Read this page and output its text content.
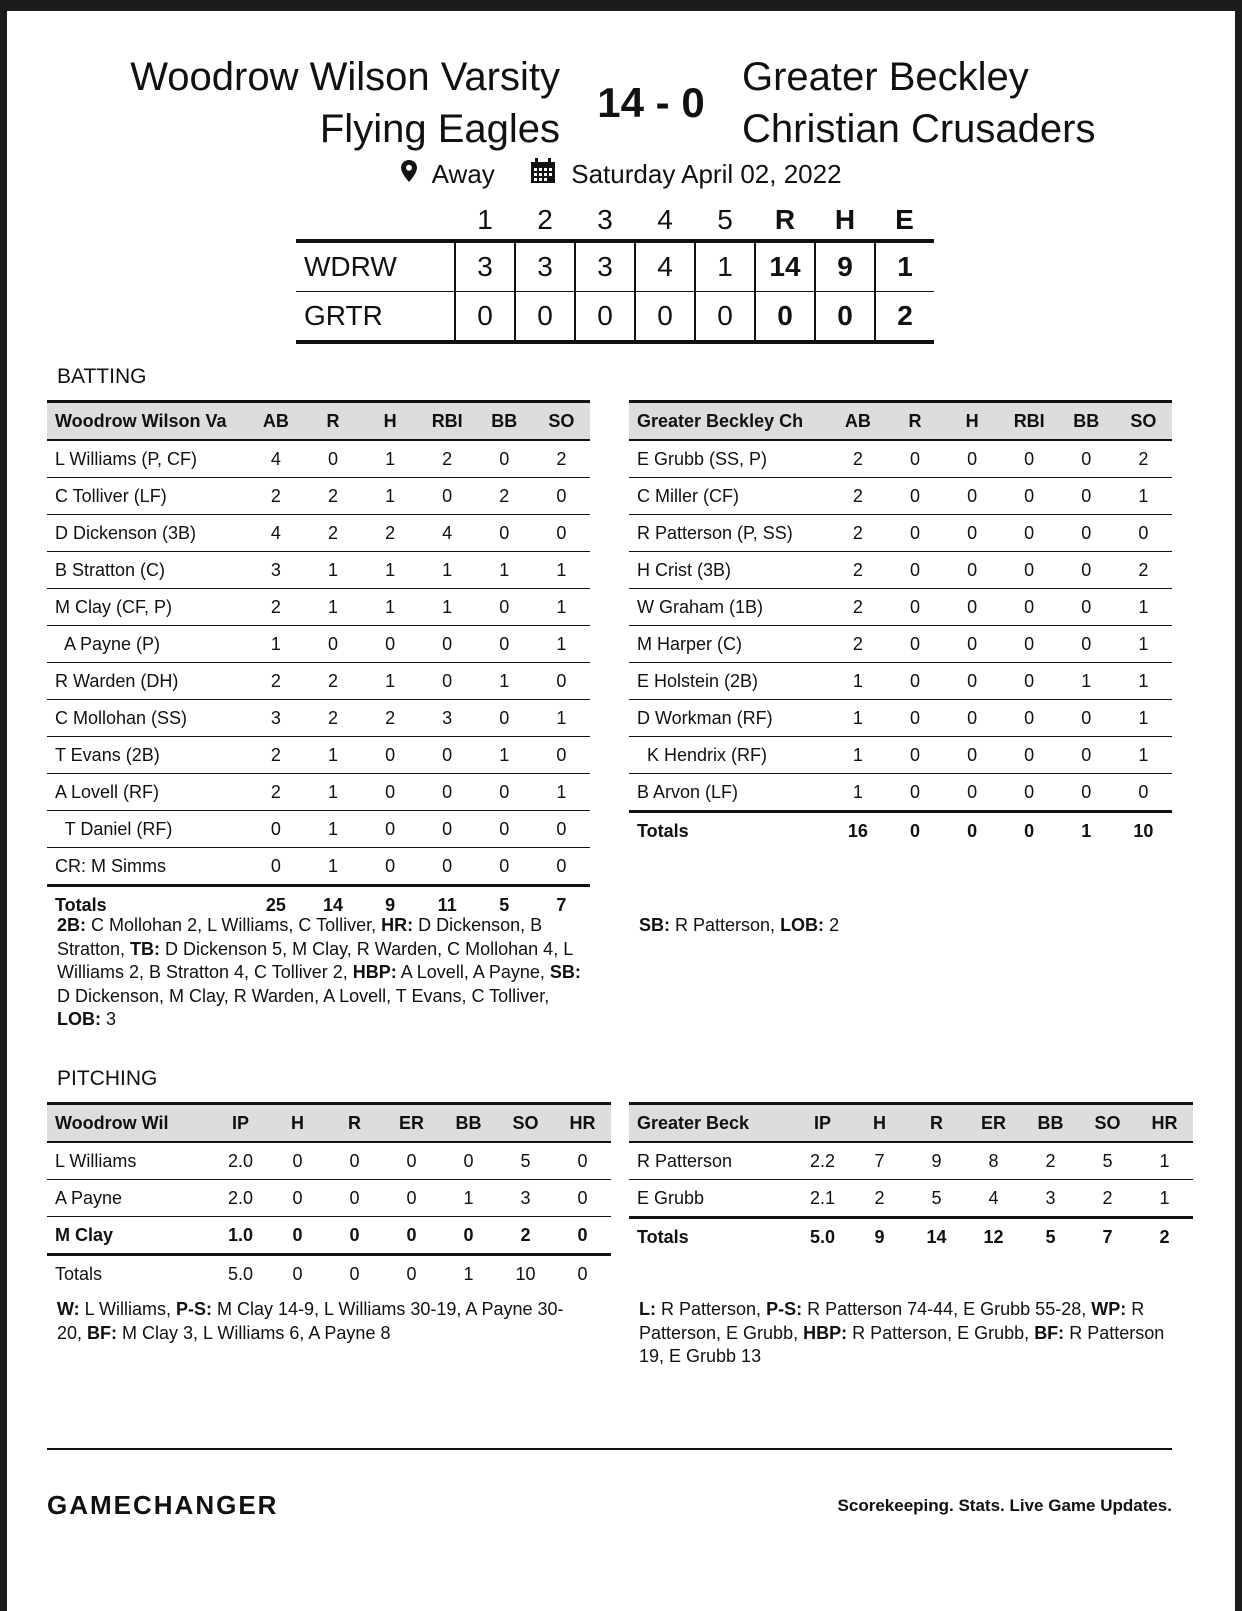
Woodrow Wilson Varsity
Flying Eagles
14 - 0
Greater Beckley
Christian Crusaders
Away	Saturday April 02, 2022
	1	2	3	4	5	R	H	E
WDRW	3	3	3	4	1	14	9	1
GRTR	0	0	0	0	0	0	0	2
BATTING
Woodrow Wilson Va	AB	R	H	RBI	BB	SO
L Williams (P, CF)	4	0	1	2	0	2
C Tolliver (LF)	2	2	1	0	2	0
D Dickenson (3B)	4	2	2	4	0	0
B Stratton (C)	3	1	1	1	1	1
M Clay (CF, P)	2	1	1	1	0	1
A Payne (P)	1	0	0	0	0	1
R Warden (DH)	2	2	1	0	1	0
C Mollohan (SS)	3	2	2	3	0	1
T Evans (2B)	2	1	0	0	1	0
A Lovell (RF)	2	1	0	0	0	1
T Daniel (RF)	0	1	0	0	0	0
CR: M Simms	0	1	0	0	0	0
Totals	25	14	9	11	5	7
Greater Beckley Ch	AB	R	H	RBI	BB	SO
E Grubb (SS, P)	2	0	0	0	0	2
C Miller (CF)	2	0	0	0	0	1
R Patterson (P, SS)	2	0	0	0	0	0
H Crist (3B)	2	0	0	0	0	2
W Graham (1B)	2	0	0	0	0	1
M Harper (C)	2	0	0	0	0	1
E Holstein (2B)	1	0	0	0	1	1
D Workman (RF)	1	0	0	0	0	1
K Hendrix (RF)	1	0	0	0	0	1
B Arvon (LF)	1	0	0	0	0	0
Totals	16	0	0	0	1	10
2B: C Mollohan 2, L Williams, C Tolliver, HR: D Dickenson, B Stratton, TB: D Dickenson 5, M Clay, R Warden, C Mollohan 4, L Williams 2, B Stratton 4, C Tolliver 2, HBP: A Lovell, A Payne, SB: D Dickenson, M Clay, R Warden, A Lovell, T Evans, C Tolliver, LOB: 3
SB: R Patterson, LOB: 2
PITCHING
Woodrow Wil	IP	H	R	ER	BB	SO	HR
L Williams	2.0	0	0	0	0	5	0
A Payne	2.0	0	0	0	1	3	0
M Clay	1.0	0	0	0	0	2	0
Totals	5.0	0	0	0	1	10	0
Greater Beck	IP	H	R	ER	BB	SO	HR
R Patterson	2.2	7	9	8	2	5	1
E Grubb	2.1	2	5	4	3	2	1
Totals	5.0	9	14	12	5	7	2
W: L Williams, P-S: M Clay 14-9, L Williams 30-19, A Payne 30-20, BF: M Clay 3, L Williams 6, A Payne 8
L: R Patterson, P-S: R Patterson 74-44, E Grubb 55-28, WP: R Patterson, E Grubb, HBP: R Patterson, E Grubb, BF: R Patterson 19, E Grubb 13
GAMECHANGER	Scorekeeping. Stats. Live Game Updates.
